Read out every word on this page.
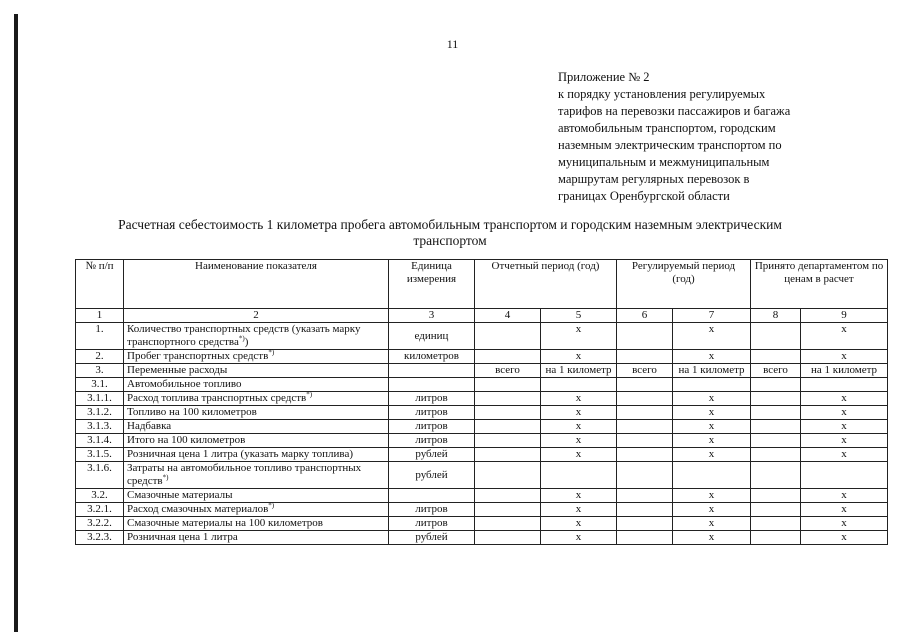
11
Приложение № 2
к порядку установления регулируемых
тарифов на перевозки пассажиров и багажа
автомобильным транспортом, городским
наземным электрическим транспортом по
муниципальным и межмуниципальным
маршрутам регулярных перевозок в
границах Оренбургской области
Расчетная себестоимость 1 километра пробега автомобильным транспортом и городским наземным электрическим транспортом
№ п/п	Наименование показателя	Единица измерения	Отчетный период (год)		Регулируемый период (год)		Принято департаментом по ценам в расчет	
1	2	3	4	5	6	7	8	9
1.	Количество транспортных средств (указать марку транспортного средства*))	единиц		х		х		х
2.	Пробег транспортных средств*)	километров		х		х		х
3.	Переменные расходы		всего	на 1 километр	всего	на 1 километр	всего	на 1 километр
3.1.	Автомобильное топливо							
3.1.1.	Расход топлива транспортных средств*)	литров		х		х		х
3.1.2.	Топливо на 100 километров	литров		х		х		х
3.1.3.	Надбавка	литров		х		х		х
3.1.4.	Итого на 100 километров	литров		х		х		х
3.1.5.	Розничная цена 1 литра (указать марку топлива)	рублей		х		х		х
3.1.6.	Затраты на автомобильное топливо транспортных средств*)	рублей						
3.2.	Смазочные материалы			х		х		х
3.2.1.	Расход смазочных материалов*)	литров		х		х		х
3.2.2.	Смазочные материалы на 100 километров	литров		х		х		х
3.2.3.	Розничная цена 1 литра	рублей		х		х		х
